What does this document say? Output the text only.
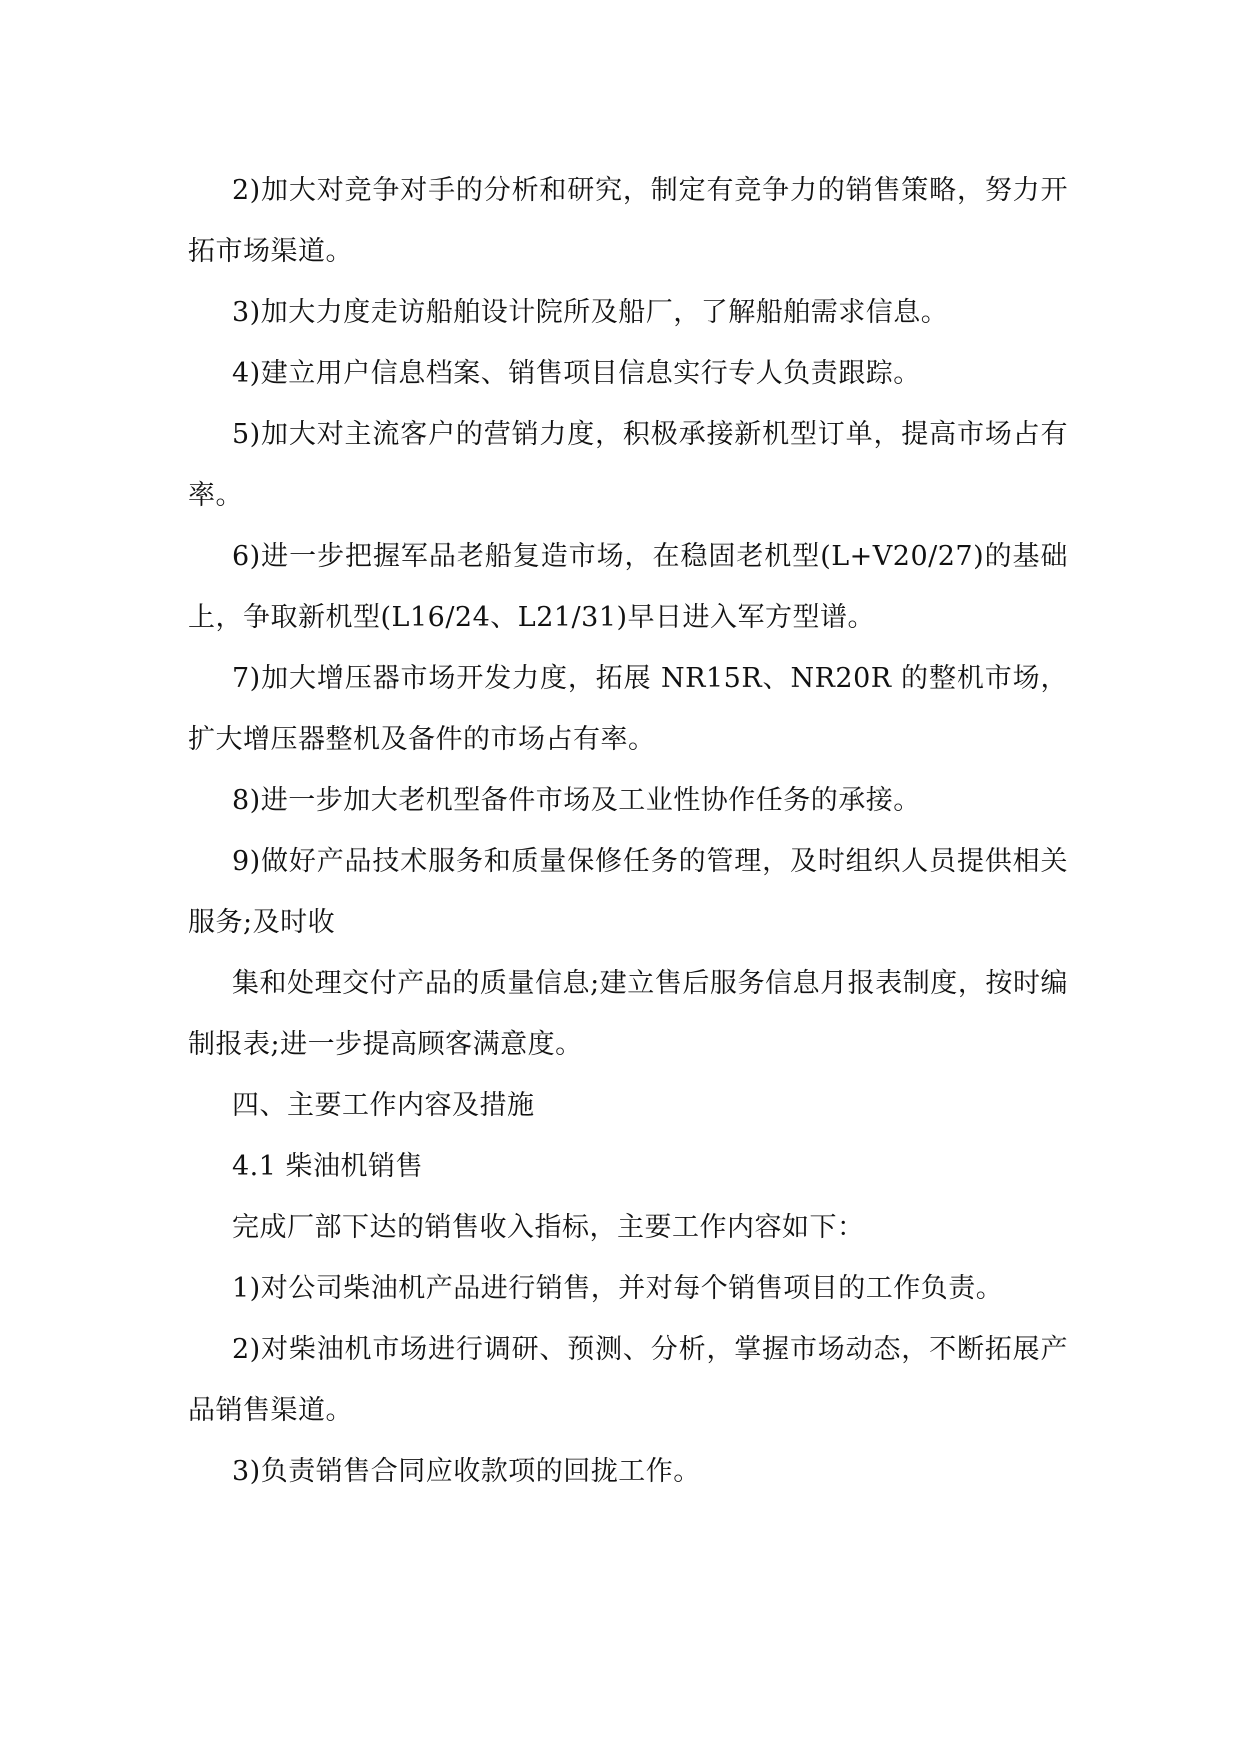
2)加大对竞争对手的分析和研究，制定有竞争力的销售策略，努力开拓市场渠道。

3)加大力度走访船舶设计院所及船厂，了解船舶需求信息。

4)建立用户信息档案、销售项目信息实行专人负责跟踪。

5)加大对主流客户的营销力度，积极承接新机型订单，提高市场占有率。

6)进一步把握军品老船复造市场，在稳固老机型(L+V20/27)的基础上，争取新机型(L16/24、L21/31)早日进入军方型谱。

7)加大增压器市场开发力度，拓展 NR15R、NR20R 的整机市场，扩大增压器整机及备件的市场占有率。

8)进一步加大老机型备件市场及工业性协作任务的承接。

9)做好产品技术服务和质量保修任务的管理，及时组织人员提供相关服务;及时收

集和处理交付产品的质量信息;建立售后服务信息月报表制度，按时编制报表;进一步提高顾客满意度。

四、主要工作内容及措施

4.1 柴油机销售

完成厂部下达的销售收入指标，主要工作内容如下：

1)对公司柴油机产品进行销售，并对每个销售项目的工作负责。

2)对柴油机市场进行调研、预测、分析，掌握市场动态，不断拓展产品销售渠道。

3)负责销售合同应收款项的回拢工作。
